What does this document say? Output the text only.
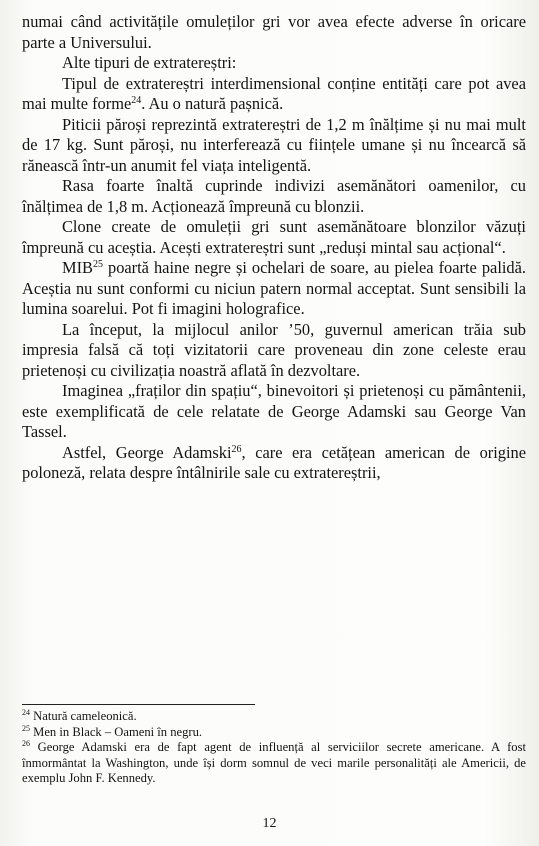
numai când activitățile omuleților gri vor avea efecte adverse în oricare parte a Universului.

Alte tipuri de extratereștri:

Tipul de extratereștri interdimensional conține entități care pot avea mai multe forme$^{24}$. Au o natură pașnică.

Piticii păroși reprezintă extratereștri de 1,2 m înălțime și nu mai mult de 17 kg. Sunt păroși, nu interferează cu ființele umane și nu încearcă să rănească într-un anumit fel viața inteligentă.

Rasa foarte înaltă cuprinde indivizi asemănători oamenilor, cu înălțimea de 1,8 m. Acționează împreună cu blonzii.

Clone create de omuleții gri sunt asemănătoare blonzilor văzuți împreună cu aceștia. Acești extratereștri sunt „reduși mintal sau acțional“.

MIB$^{25}$ poartă haine negre și ochelari de soare, au pielea foarte palidă. Aceștia nu sunt conformi cu niciun patern normal acceptat. Sunt sensibili la lumina soarelui. Pot fi imagini holografice.

La început, la mijlocul anilor ’50, guvernul american trăia sub impresia falsă că toți vizitatorii care proveneau din zone celeste erau prietenoși cu civilizația noastră aflată în dezvoltare.

Imaginea „fraților din spațiu“, binevoitori și prietenoși cu pământenii, este exemplificată de cele relatate de George Adamski sau George Van Tassel.

Astfel, George Adamski$^{26}$, care era cetățean american de origine poloneză, relata despre întâlnirile sale cu extratereștrii,

$^{24}$ Natură cameleonică.

$^{25}$ Men in Black – Oameni în negru.

$^{26}$ George Adamski era de fapt agent de influență al serviciilor secrete americane. A fost înmormântat la Washington, unde își dorm somnul de veci marile personalități ale Americii, de exemplu John F. Kennedy.

12
